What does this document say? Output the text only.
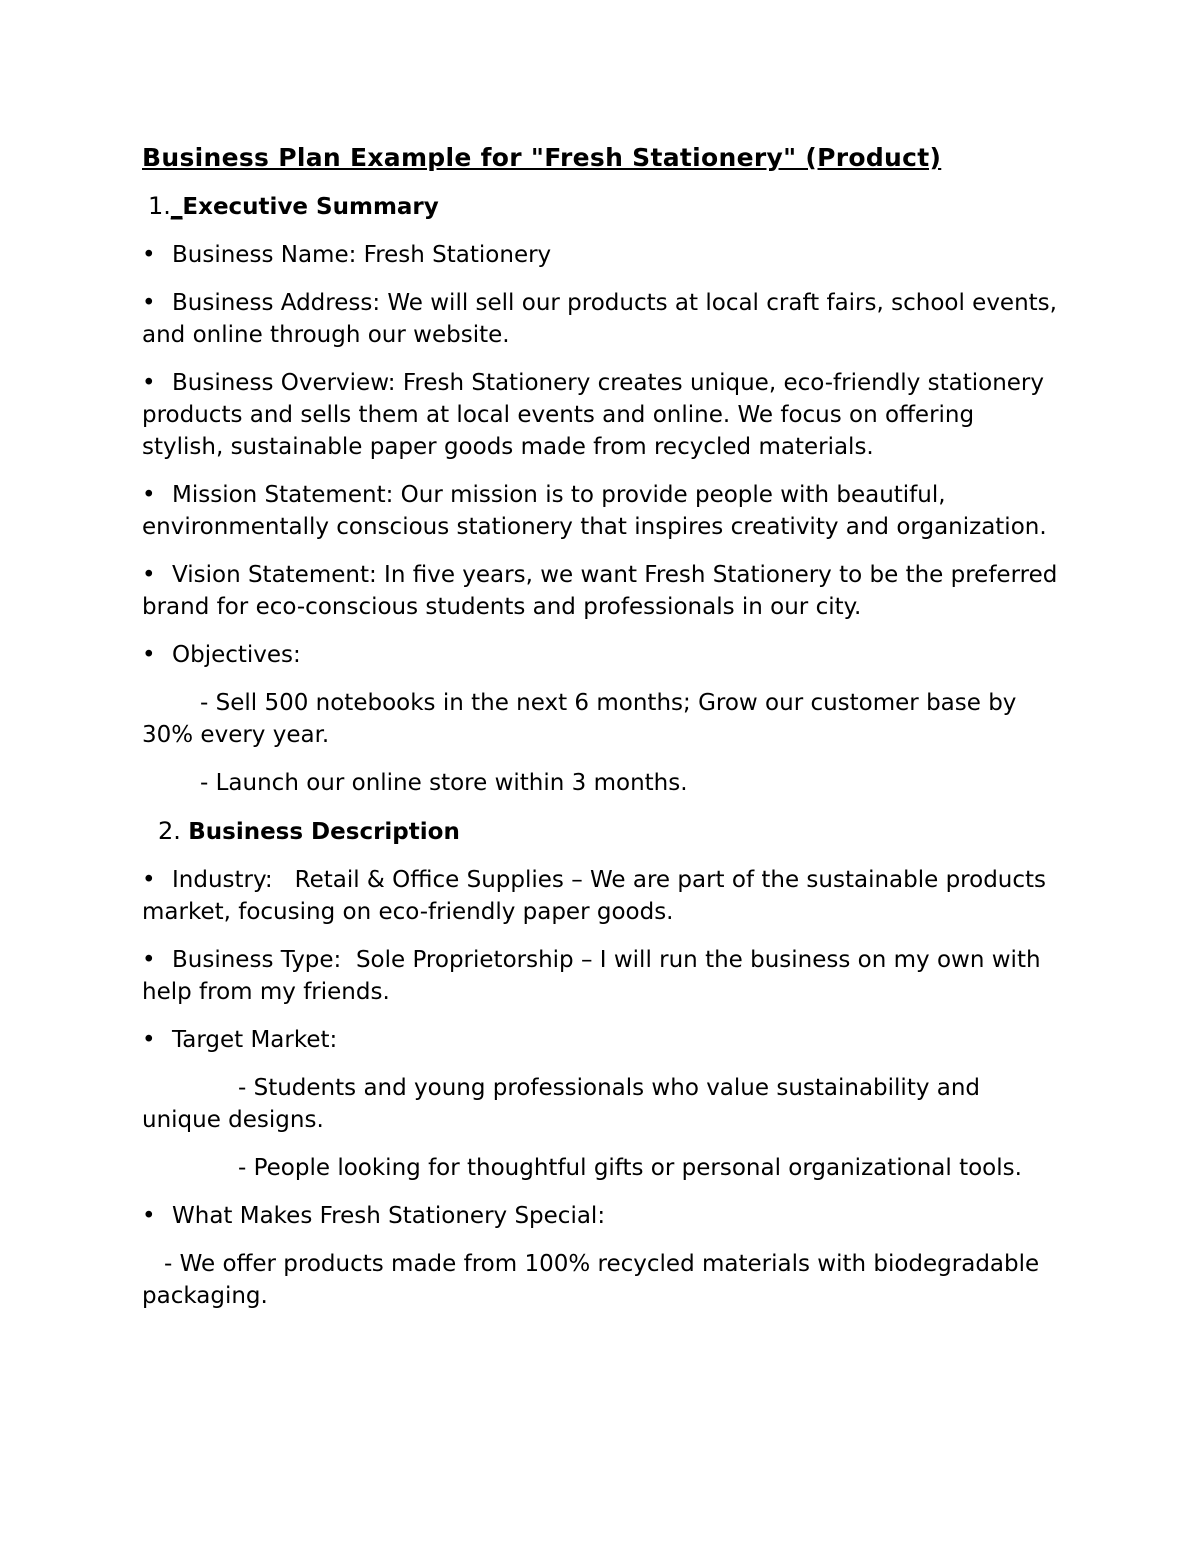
Business Plan Example for "Fresh Stationery" (Product)
1._Executive Summary

• Business Name: Fresh Stationery

• Business Address: We will sell our products at local craft fairs, school events, and online through our website.

• Business Overview: Fresh Stationery creates unique, eco-friendly stationery products and sells them at local events and online. We focus on offering stylish, sustainable paper goods made from recycled materials.

• Mission Statement: Our mission is to provide people with beautiful, environmentally conscious stationery that inspires creativity and organization.

• Vision Statement: In five years, we want Fresh Stationery to be the preferred brand for eco-conscious students and professionals in our city.

• Objectives:

- Sell 500 notebooks in the next 6 months; Grow our customer base by 30% every year.

- Launch our online store within 3 months.

2. Business Description

• Industry: Retail & Office Supplies – We are part of the sustainable products market, focusing on eco-friendly paper goods.

• Business Type: Sole Proprietorship – I will run the business on my own with help from my friends.

• Target Market:

- Students and young professionals who value sustainability and unique designs.

- People looking for thoughtful gifts or personal organizational tools.

• What Makes Fresh Stationery Special:

- We offer products made from 100% recycled materials with biodegradable packaging.
